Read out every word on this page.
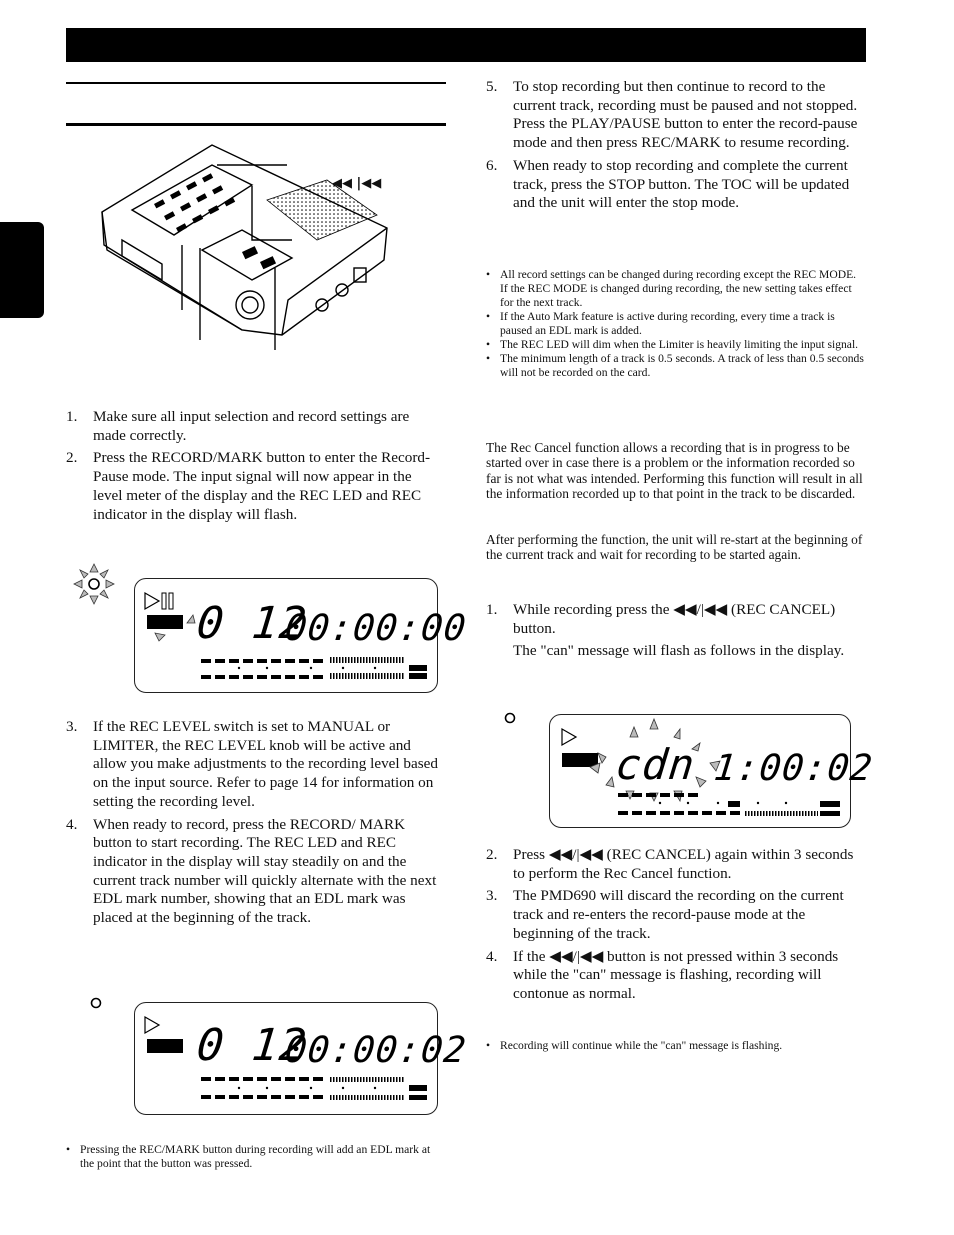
◀◀ |◀◀
1.	Make sure all input selection and record settings are made correctly.
2.	Press the RECORD/MARK button to enter the Record-Pause mode. The input signal will now appear in the level meter of the display and the REC LED and REC indicator in the display will flash.
0 12
00:00:00
3.	If the REC LEVEL switch is set to MANUAL or LIMITER, the REC LEVEL knob will be active and allow you make adjustments to the recording level based on the input source. Refer to page 14 for information on setting the recording level.
4.	When ready to record, press the RECORD/ MARK button to start recording. The REC LED and REC indicator in the display will stay steadily on and the current track number will quickly alternate with the next EDL mark number, showing that an EDL mark was placed at the beginning of the track.
0 12
00:00:02
• Pressing the REC/MARK button during recording will add an EDL mark at the point that the button was pressed.
5.	To stop recording but then continue to record to the current track, recording must be paused and not stopped. Press the PLAY/PAUSE button to enter the record-pause mode and then press REC/MARK to resume recording.
6.	When ready to stop recording and complete the current track, press the STOP button. The TOC will be updated and the unit will enter the stop mode.
• All record settings can be changed during recording except the REC MODE. If the REC MODE is changed during recording, the new setting takes effect for the next track.
• If the Auto Mark feature is active during recording, every time a track is paused an EDL mark is added.
• The REC LED will dim when the Limiter is heavily limiting the input signal.
• The minimum length of a track is 0.5 seconds. A track of less than 0.5 seconds will not be recorded on the card.

The Rec Cancel function allows a recording that is in progress to be started over in case there is a problem or the information recorded so far is not what was intended. Performing this function will result in all the information recorded up to that point in the track to be discarded.

After performing the function, the unit will re-start at the beginning of the current track and wait for recording to be started again.

1.	While recording press the ◀◀/|◀◀ (REC CANCEL) button.
The "can" message will flash as follows in the display.
cdn 1:00:02
2.	Press ◀◀/|◀◀ (REC CANCEL) again within 3 seconds to perform the Rec Cancel function.
3.	The PMD690 will discard the recording on the current track and re-enters the record-pause mode at the beginning of the track.
4.	If the ◀◀/|◀◀ button is not pressed within 3 seconds while the "can" message is flashing, recording will contonue as normal.
• Recording will continue while the "can" message is flashing.
